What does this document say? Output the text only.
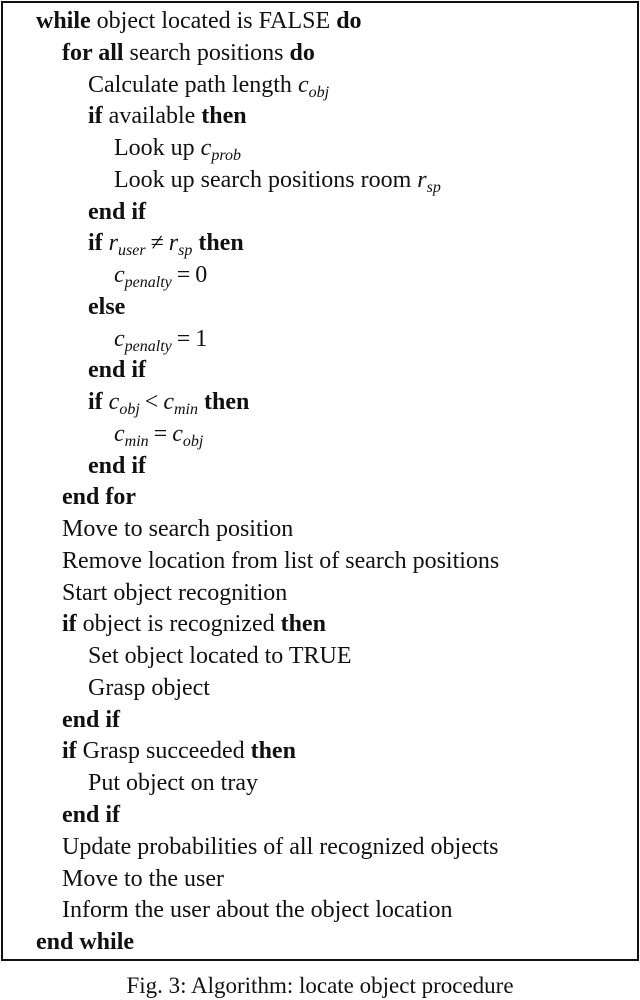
while object located is FALSE do
for all search positions do
Calculate path length $c_{obj}$
if available then
Look up $c_{prob}$
Look up search positions room $r_{sp}$
end if
if $r_{user} \ne r_{sp}$ then
$c_{penalty} = 0$
else
$c_{penalty} = 1$
end if
if $c_{obj} < c_{min}$ then
$c_{min} = c_{obj}$
end if
end for
Move to search position
Remove location from list of search positions
Start object recognition
if object is recognized then
Set object located to TRUE
Grasp object
end if
if Grasp succeeded then
Put object on tray
end if
Update probabilities of all recognized objects
Move to the user
Inform the user about the object location
end while
Fig. 3: Algorithm: locate object procedure
